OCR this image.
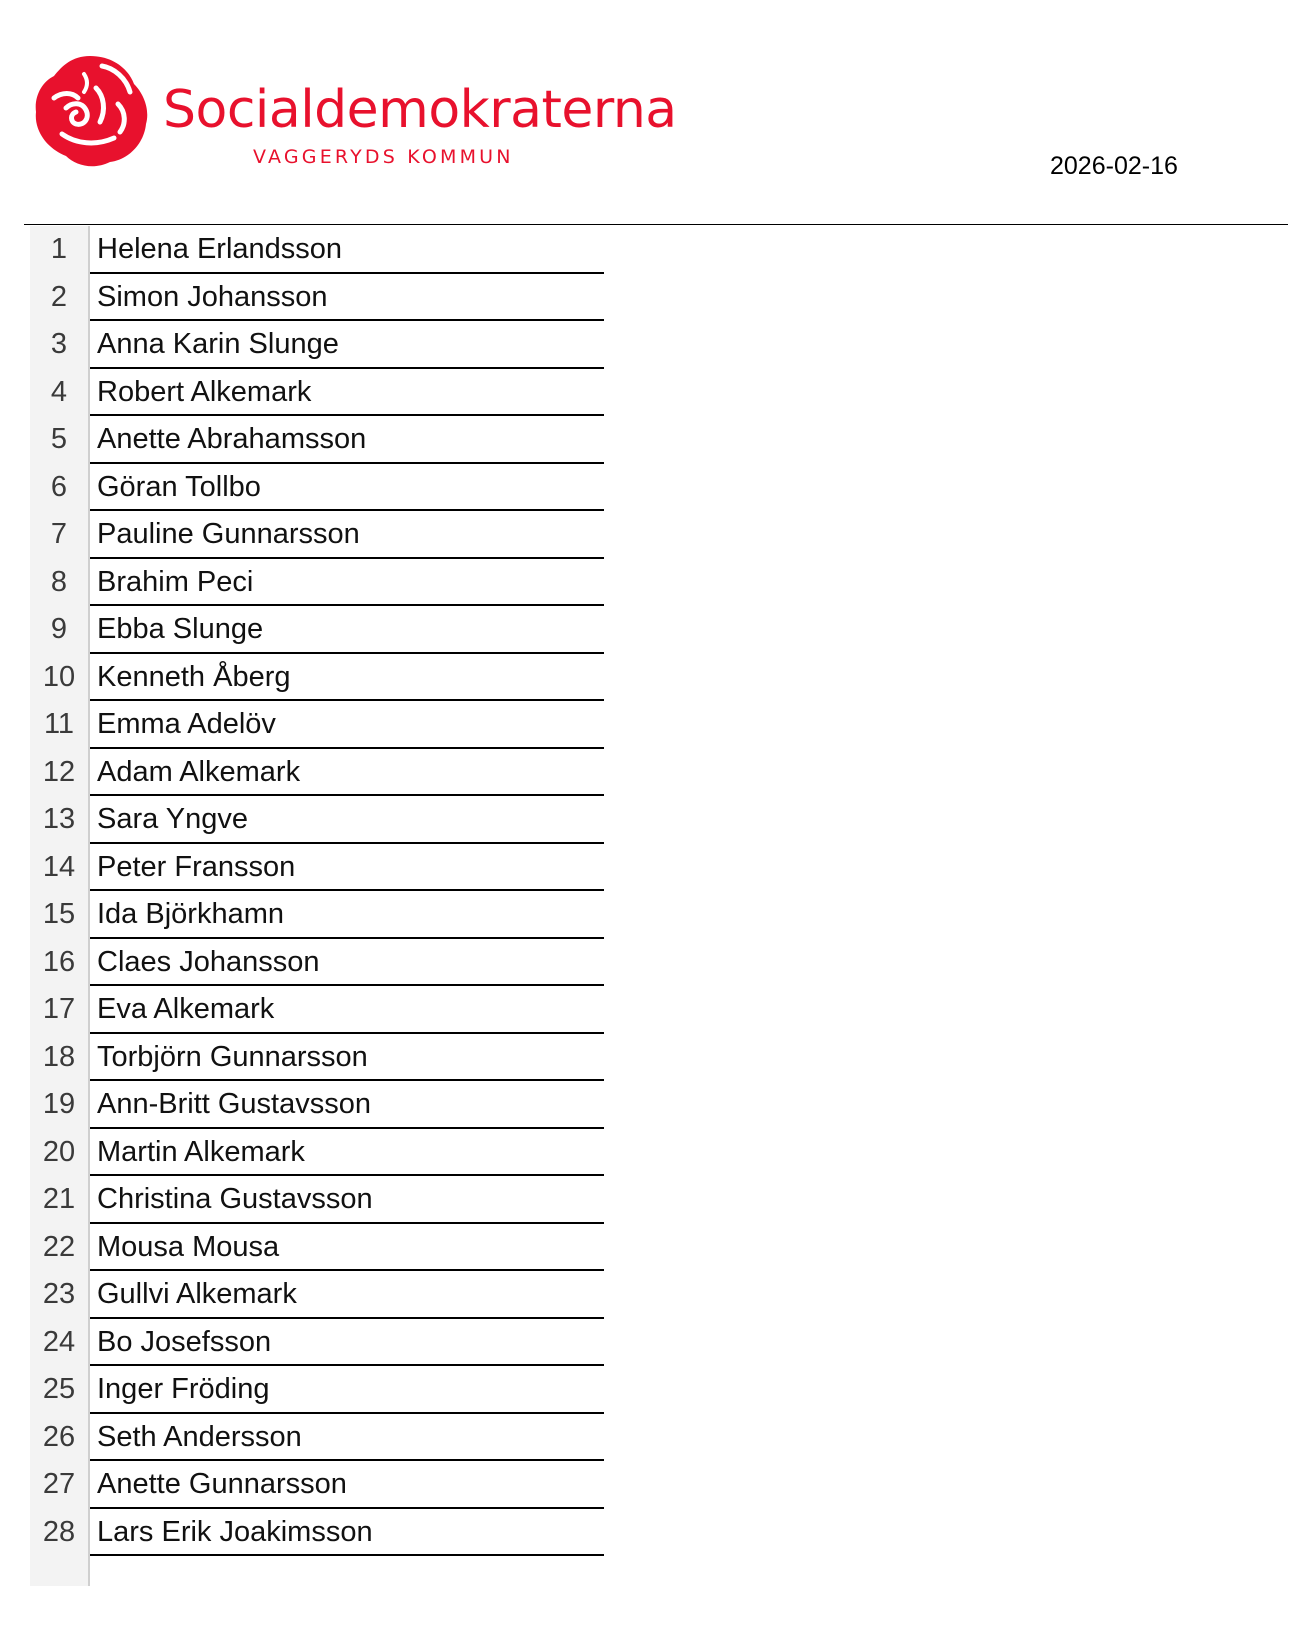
Socialdemokraterna
VAGGERYDS KOMMUN	2026-02-16
1	Helena Erlandsson
2	Simon Johansson
3	Anna Karin Slunge
4	Robert Alkemark
5	Anette Abrahamsson
6	Göran Tollbo
7	Pauline Gunnarsson
8	Brahim Peci
9	Ebba Slunge
10 Kenneth Åberg
11 Emma Adelöv
12 Adam Alkemark
13 Sara Yngve
14 Peter Fransson
15 Ida Björkhamn
16 Claes Johansson
17 Eva Alkemark
18 Torbjörn Gunnarsson
19 Ann-Britt Gustavsson
20 Martin Alkemark
21 Christina Gustavsson
22 Mousa Mousa
23 Gullvi Alkemark
24 Bo Josefsson
25 Inger Fröding
26 Seth Andersson
27 Anette Gunnarsson
28 Lars Erik Joakimsson
